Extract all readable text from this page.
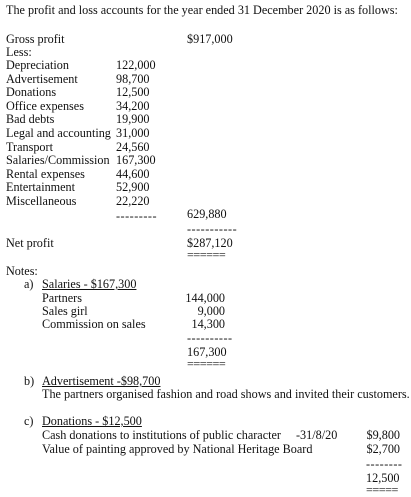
The profit and loss accounts for the year ended 31 December 2020 is as follows:
Gross profit	$917,000
Less:
Depreciation	122,000
Advertisement	98,700
Donations	12,500
Office expenses	34,200
Bad debts	19,900
Legal and accounting 31,000
Transport	24,560
Salaries/Commission 167,300
Rental expenses	44,600
Entertainment	52,900
Miscellaneous	22,220
--------- 629,880
-----------
Net profit	$287,120
======
Notes:
a) Salaries - $167,300
Partners	144,000
Sales girl	9,000
Commission on sales	14,300
----------
167,300
======
b) Advertisement -$98,700
The partners organised fashion and road shows and invited their customers.
c) Donations - $12,500
Cash donations to institutions of public character -31/8/20	$9,800
Value of painting approved by National Heritage Board	$2,700
--------
12,500
=====
